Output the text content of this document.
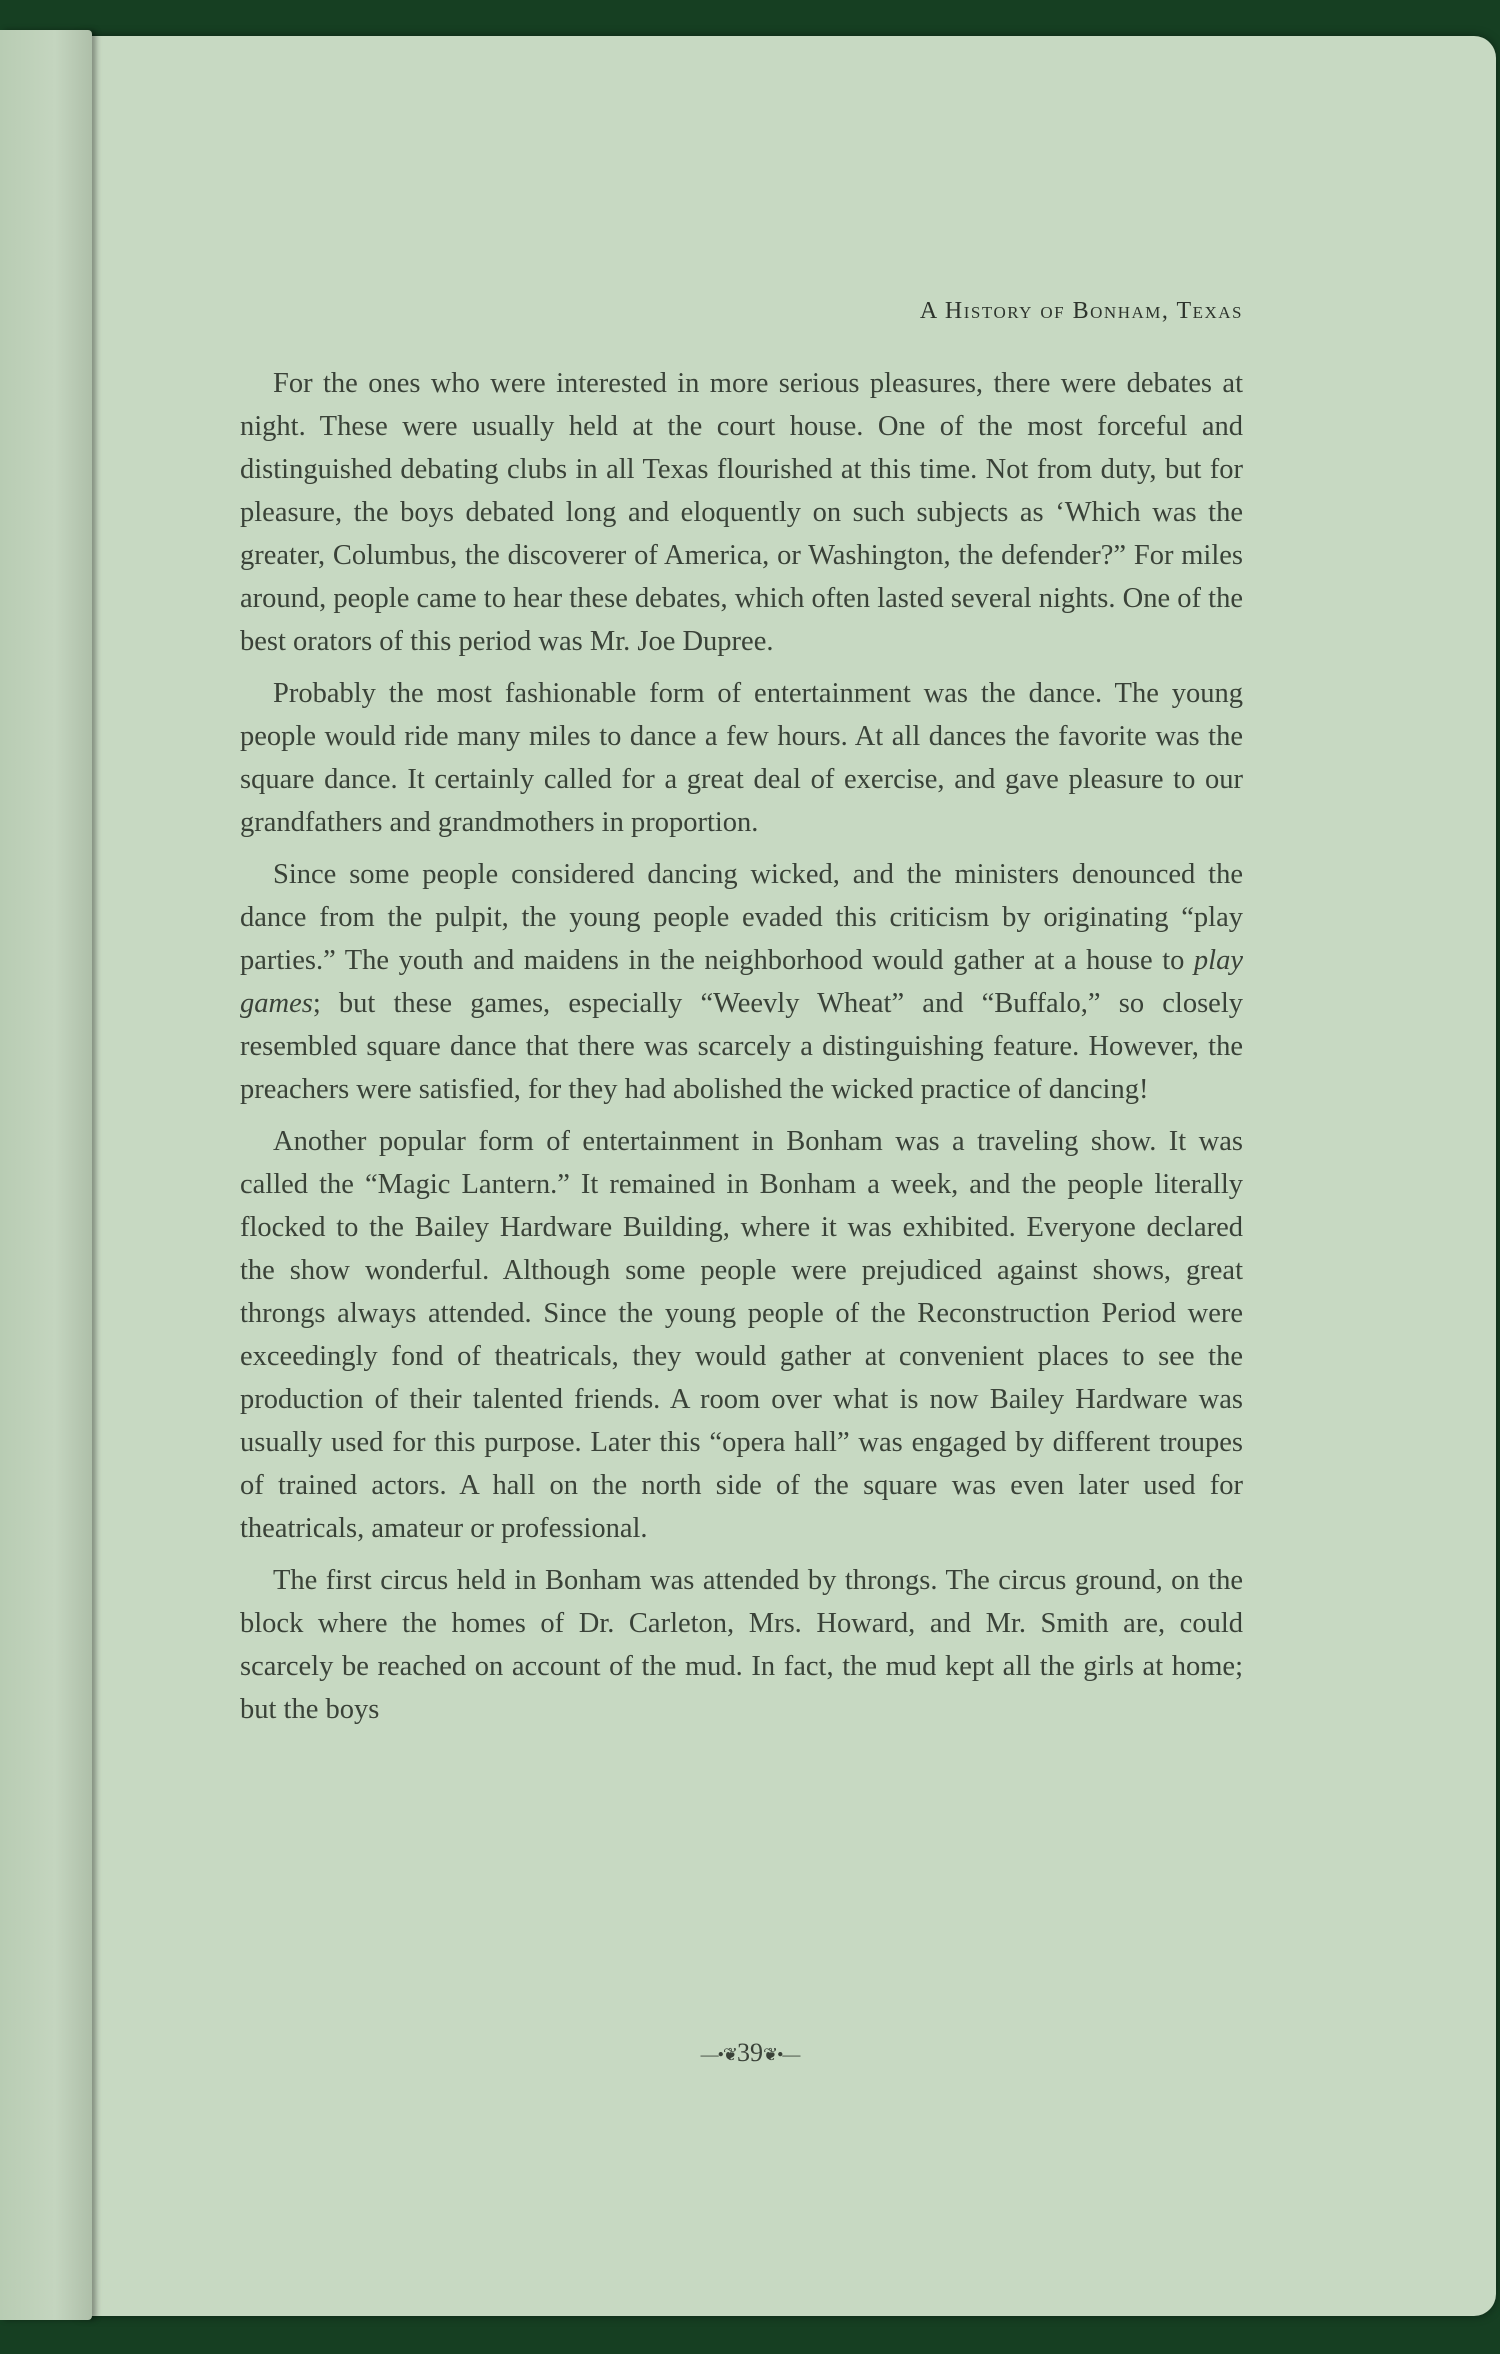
A History of Bonham, Texas

For the ones who were interested in more serious pleasures, there were debates at night. These were usually held at the court house. One of the most forceful and distinguished debating clubs in all Texas flourished at this time. Not from duty, but for pleasure, the boys debated long and eloquently on such subjects as ‘Which was the greater, Columbus, the discoverer of America, or Washington, the defender?” For miles around, people came to hear these debates, which often lasted several nights. One of the best orators of this period was Mr. Joe Dupree.

Probably the most fashionable form of entertainment was the dance. The young people would ride many miles to dance a few hours. At all dances the favorite was the square dance. It certainly called for a great deal of exercise, and gave pleasure to our grandfathers and grandmothers in proportion.

Since some people considered dancing wicked, and the ministers denounced the dance from the pulpit, the young people evaded this criticism by originating “play parties.” The youth and maidens in the neighborhood would gather at a house to play games; but these games, especially “Weevly Wheat” and “Buffalo,” so closely resembled square dance that there was scarcely a distinguishing feature. However, the preachers were satisfied, for they had abolished the wicked practice of dancing!

Another popular form of entertainment in Bonham was a traveling show. It was called the “Magic Lantern.” It remained in Bonham a week, and the people literally flocked to the Bailey Hardware Building, where it was exhibited. Everyone declared the show wonderful. Although some people were prejudiced against shows, great throngs always attended. Since the young people of the Reconstruction Period were exceedingly fond of theatricals, they would gather at convenient places to see the production of their talented friends. A room over what is now Bailey Hardware was usually used for this purpose. Later this “opera hall” was engaged by different troupes of trained actors. A hall on the north side of the square was even later used for theatricals, amateur or professional.

The first circus held in Bonham was attended by throngs. The circus ground, on the block where the homes of Dr. Carleton, Mrs. Howard, and Mr. Smith are, could scarcely be reached on account of the mud. In fact, the mud kept all the girls at home; but the boys

—•❦39❦•—
